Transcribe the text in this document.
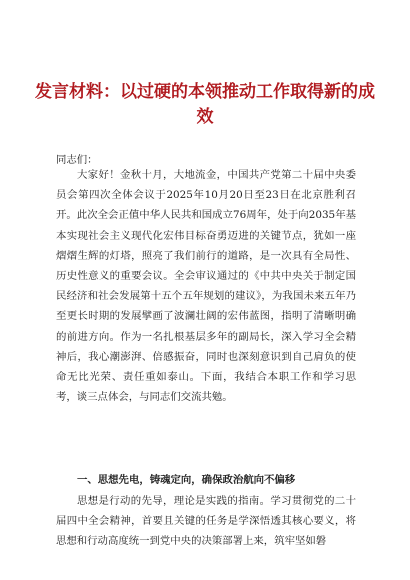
发言材料：以过硬的本领推动工作取得新的成效

同志们：

大家好！金秋十月，大地流金，中国共产党第二十届中央委员会第四次全体会议于2025年10月20日至23日在北京胜利召开。此次全会正值中华人民共和国成立76周年，处于向2035年基本实现社会主义现代化宏伟目标奋勇迈进的关键节点，犹如一座熠熠生辉的灯塔，照亮了我们前行的道路，是一次具有全局性、历史性意义的重要会议。全会审议通过的《中共中央关于制定国民经济和社会发展第十五个五年规划的建议》，为我国未来五年乃至更长时期的发展擘画了波澜壮阔的宏伟蓝图，指明了清晰明确的前进方向。作为一名扎根基层多年的副局长，深入学习全会精神后，我心潮澎湃、倍感振奋，同时也深刻意识到自己肩负的使命无比光荣、责任重如泰山。下面，我结合本职工作和学习思考，谈三点体会，与同志们交流共勉。

一、思想先电，铸魂定向，确保政治航向不偏移

思想是行动的先导，理论是实践的指南。学习贯彻党的二十届四中全会精神，首要且关键的任务是学深悟透其核心要义，将思想和行动高度统一到党中央的决策部署上来，筑牢坚如磐
